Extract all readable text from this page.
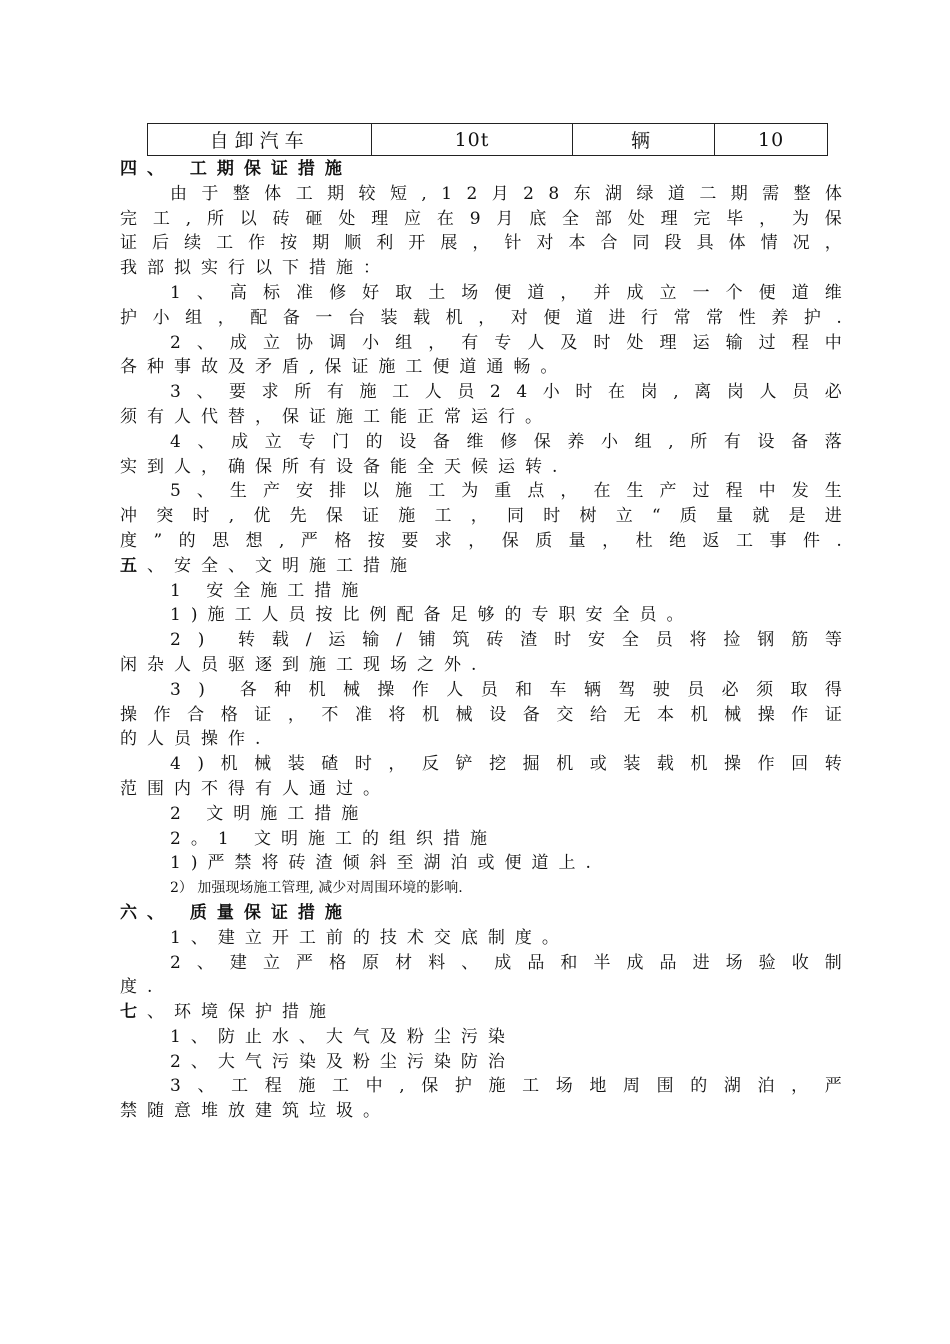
自卸汽车	10t	辆	10
四、 工期保证措施
由 于 整 体 工 期 较 短 , 1 2 月 2 8 东 湖 绿 道 二 期 需 整 体
完 工 , 所 以 砖 砸 处 理 应 在 9 月 底 全 部 处 理 完 毕 ， 为 保
证 后 续 工 作 按 期 顺 利 开 展 ， 针 对 本 合 同 段 具 体 情 况 ，
我部拟实行以下措施：
1 、 高 标 准 修 好 取 土 场 便 道 ， 并 成 立 一 个 便 道 维
护 小 组 ， 配 备 一 台 装 载 机 ， 对 便 道 进 行 常 常 性 养 护 .
2 、 成 立 协 调 小 组 ， 有 专 人 及 时 处 理 运 输 过 程 中
各种事故及矛盾,保证施工便道通畅。
3 、 要 求 所 有 施 工 人 员 2 4 小 时 在 岗 , 离 岗 人 员 必
须有人代替，保证施工能正常运行。
4 、 成 立 专 门 的 设 备 维 修 保 养 小 组 , 所 有 设 备 落
实到人，确保所有设备能全天候运转.
5 、 生 产 安 排 以 施 工 为 重 点 ， 在 生 产 过 程 中 发 生
冲 突 时 , 优 先 保 证 施 工 ， 同 时 树 立 “ 质 量 就 是 进
度 ” 的 思 想 , 严 格 按 要 求 ， 保 质 量 ， 杜 绝 返 工 事 件 .
五、安全、文明施工措施
1 安全施工措施
1)施工人员按比例配备足够的专职安全员。
2 ) 转 载 / 运 输 / 铺 筑 砖 渣 时 安 全 员 将 捡 钢 筋 等
闲杂人员驱逐到施工现场之外.
3 ) 各 种 机 械 操 作 人 员 和 车 辆 驾 驶 员 必 须 取 得
操 作 合 格 证 ， 不 准 将 机 械 设 备 交 给 无 本 机 械 操 作 证
的人员操作.
4 ) 机 械 装 碴 时 ， 反 铲 挖 掘 机 或 装 载 机 操 作 回 转
范围内不得有人通过。
2 文明施工措施
2。1 文明施工的组织措施
1)严禁将砖渣倾斜至湖泊或便道上.
2） 加强现场施工管理, 减少对周围环境的影响.
六、 质量保证措施
1、建立开工前的技术交底制度。
2 、 建 立 严 格 原 材 料 、 成 品 和 半 成 品 进 场 验 收 制
度.
七、环境保护措施
1、防止水、大气及粉尘污染
2、大气污染及粉尘污染防治
3 、 工 程 施 工 中 , 保 护 施 工 场 地 周 围 的 湖 泊 ， 严
禁随意堆放建筑垃圾。
